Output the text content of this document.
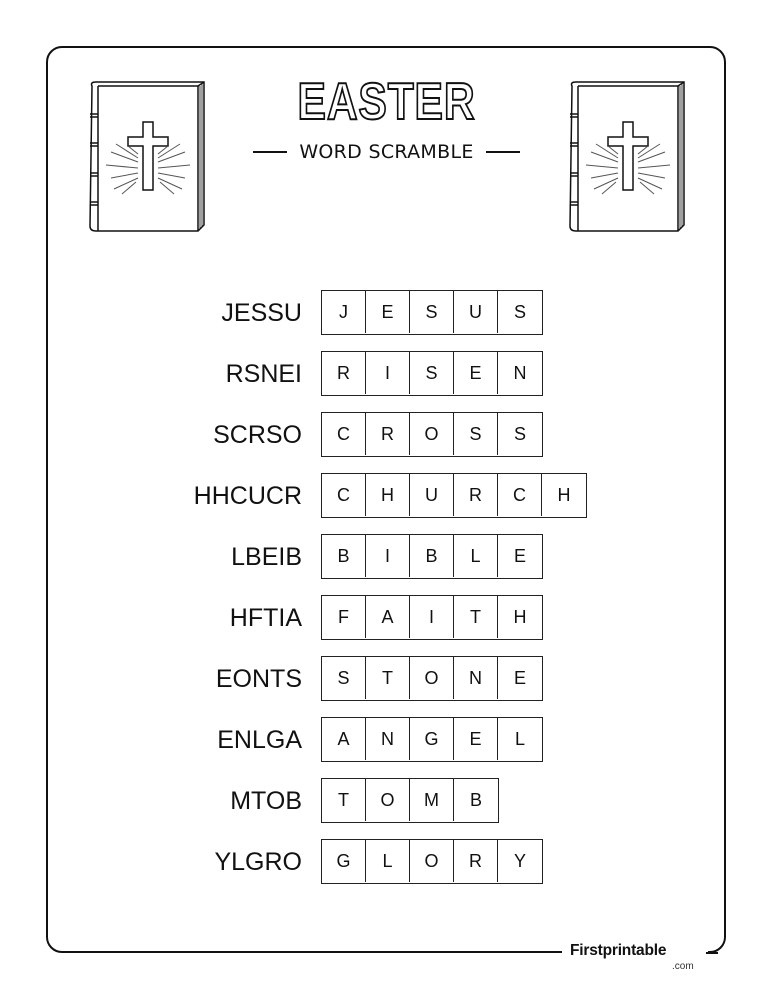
EASTER
WORD SCRAMBLE
JESSU	J	E	S	U	S
RSNEI	R	I	S	E	N
SCRSO	C	R	O	S	S
HHCUCR	C	H	U	R	C	H
LBEIB	B	I	B	L	E
HFTIA	F	A	I	T	H
EONTS	S	T	O	N	E
ENLGA	A	N	G	E	L
MTOB	T	O	M	B
YLGRO	G	L	O	R	Y
Firstprintable
.com
